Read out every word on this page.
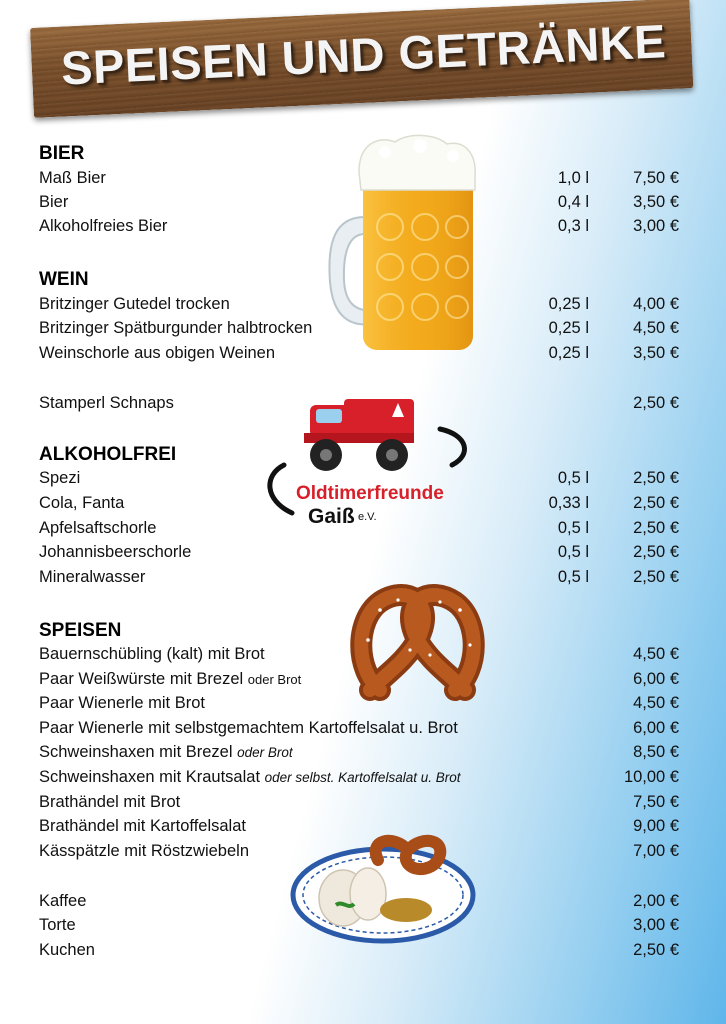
SPEISEN UND GETRÄNKE
Oldtimerfreunde
Gaiß e.V.
BIER
Maß Bier	1,0 l	7,50 €
Bier	0,4 l	3,50 €
Alkoholfreies Bier	0,3 l	3,00 €
WEIN
Britzinger Gutedel trocken	0,25 l	4,00 €
Britzinger Spätburgunder halbtrocken	0,25 l	4,50 €
Weinschorle aus obigen Weinen	0,25 l	3,50 €
Stamperl Schnaps	2,50 €
ALKOHOLFREI
Spezi	0,5 l	2,50 €
Cola, Fanta	0,33 l	2,50 €
Apfelsaftschorle	0,5 l	2,50 €
Johannisbeerschorle	0,5 l	2,50 €
Mineralwasser	0,5 l	2,50 €
SPEISEN
Bauernschübling (kalt) mit Brot	4,50 €
Paar Weißwürste mit Brezel oder Brot	6,00 €
Paar Wienerle mit Brot	4,50 €
Paar Wienerle mit selbstgemachtem Kartoffelsalat u. Brot	6,00 €
Schweinshaxen mit Brezel oder Brot	8,50 €
Schweinshaxen mit Krautsalat oder selbst. Kartoffelsalat u. Brot	10,00 €
Brathändel mit Brot	7,50 €
Brathändel mit Kartoffelsalat	9,00 €
Kässpätzle mit Röstzwiebeln	7,00 €
Kaffee	2,00 €
Torte	3,00 €
Kuchen	2,50 €
